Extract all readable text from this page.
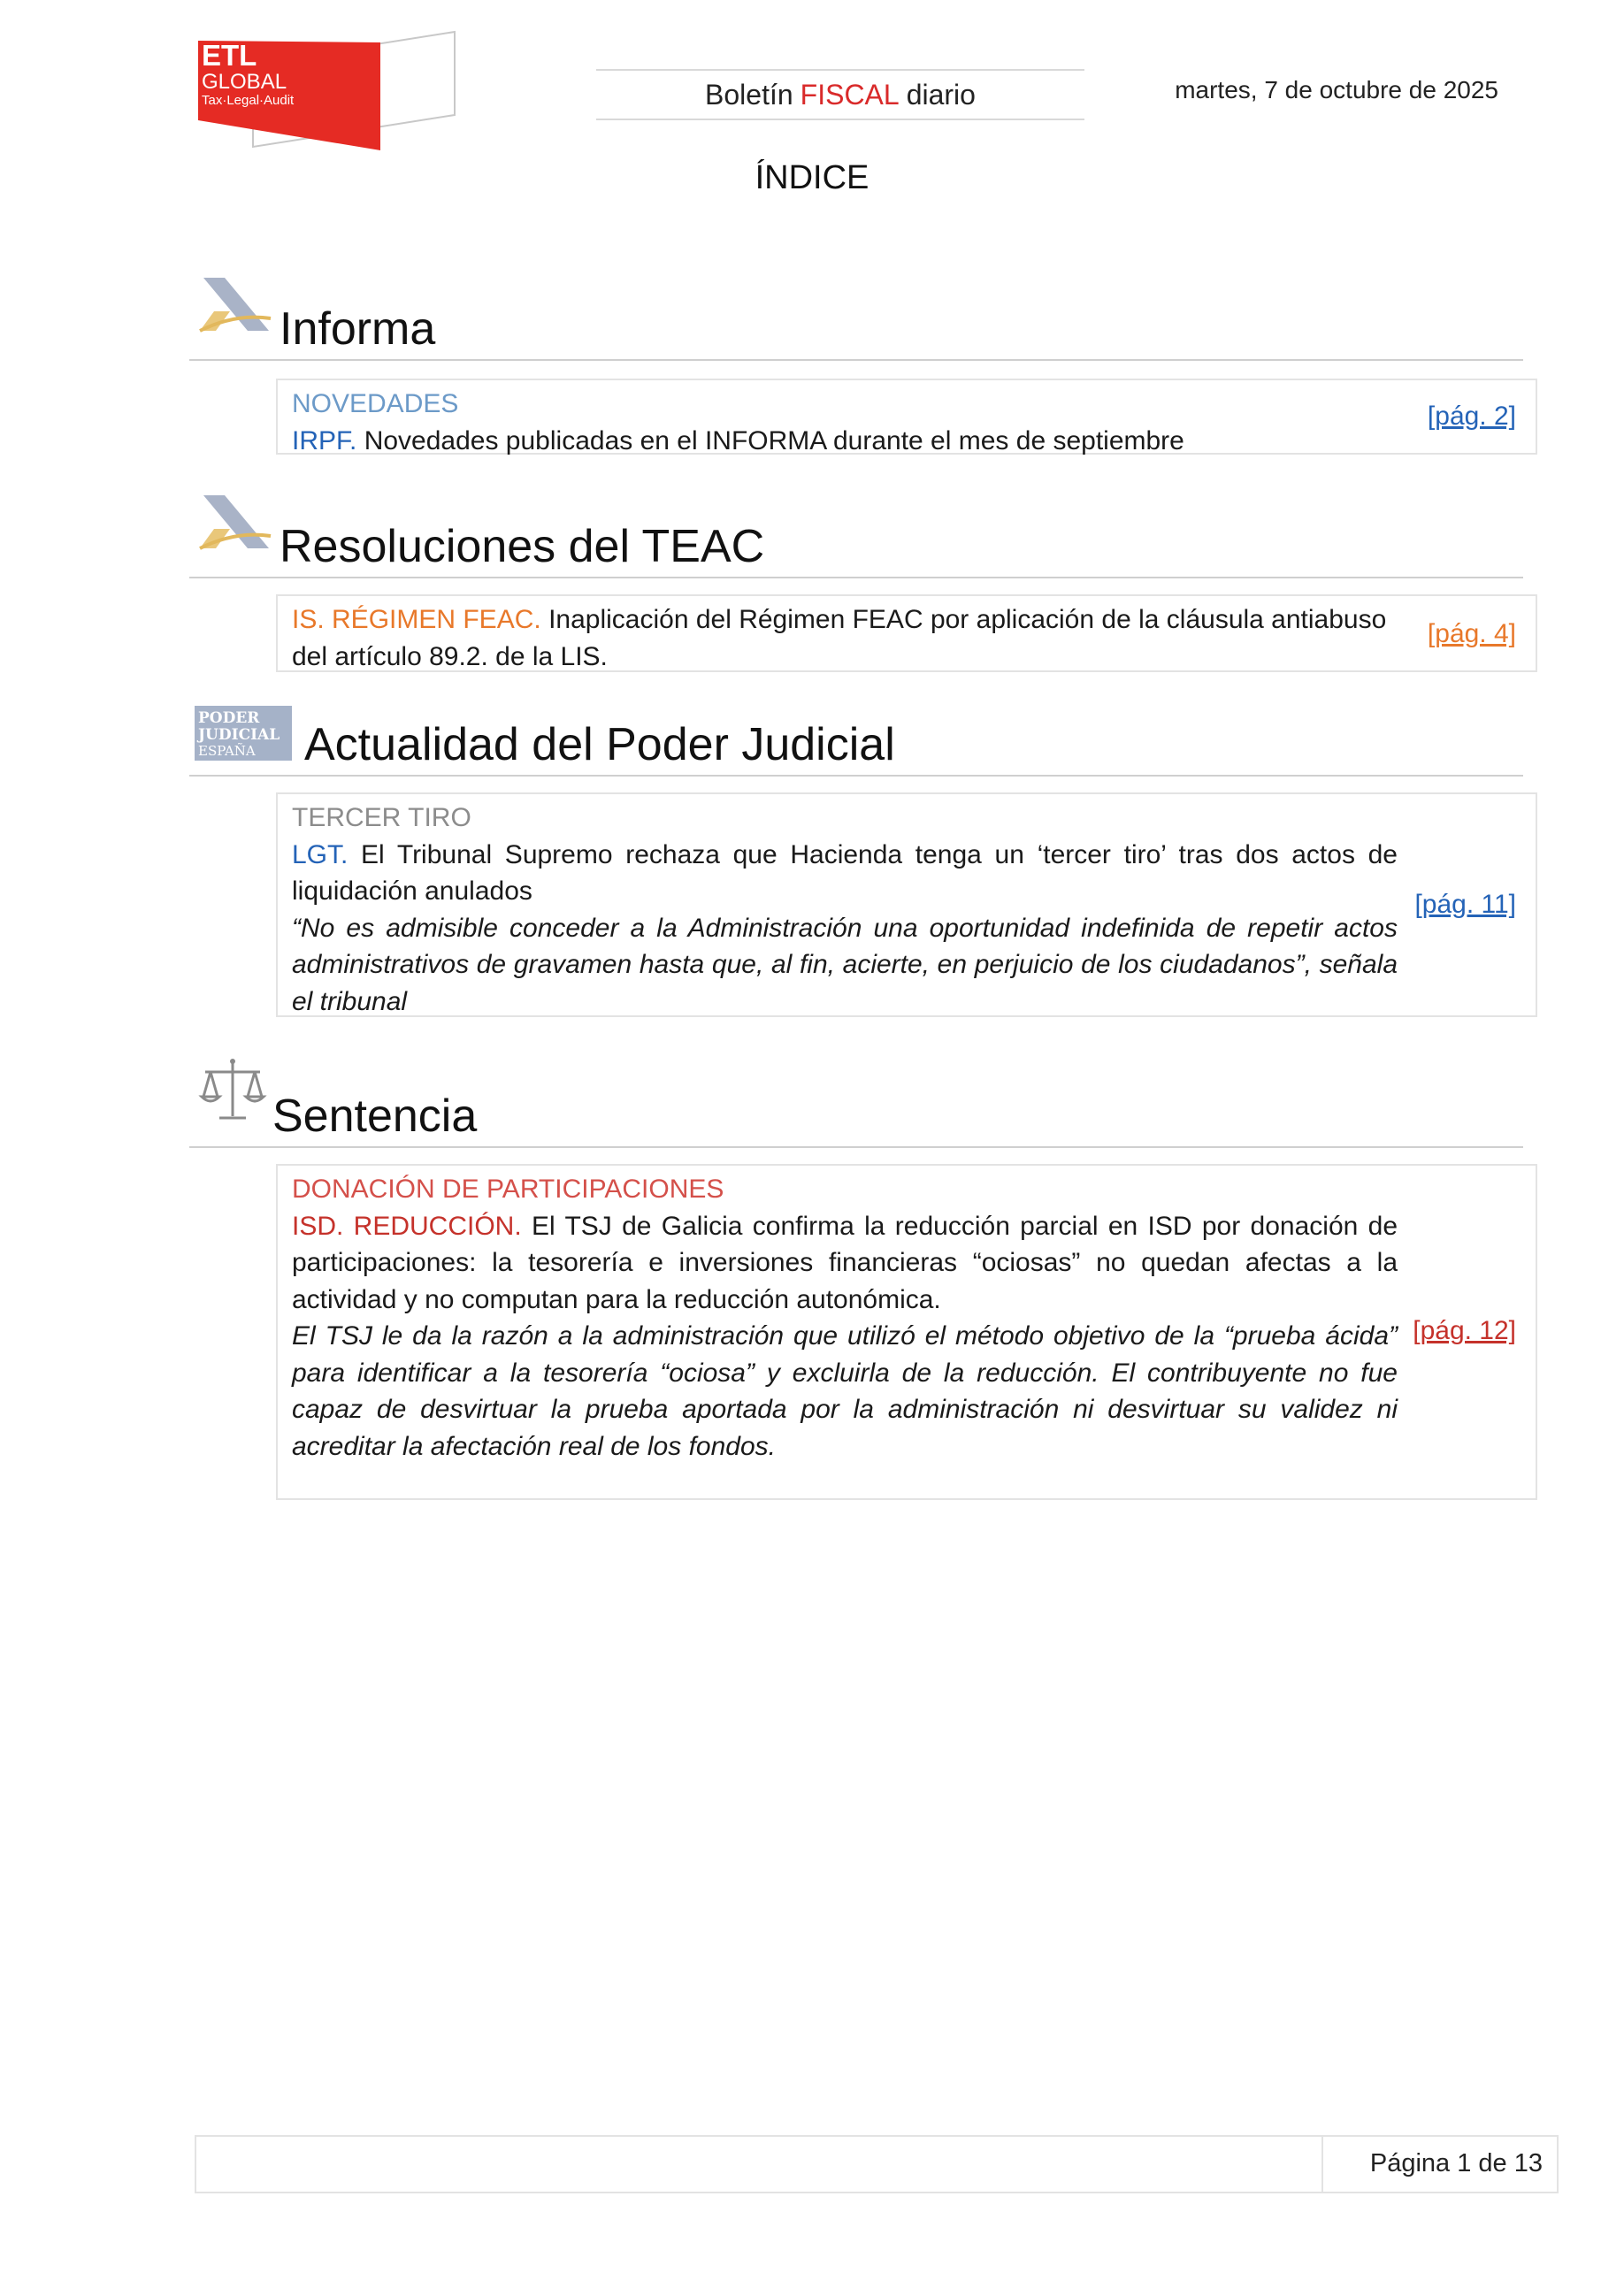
ETL
GLOBAL
Tax·Legal·Audit	Boletín FISCAL diario	martes, 7 de octubre de 2025
ÍNDICE
Informa
NOVEDADES
IRPF. Novedades publicadas en el INFORMA durante el mes de septiembre
[pág. 2]
Resoluciones del TEAC
IS. RÉGIMEN FEAC. Inaplicación del Régimen FEAC por aplicación de la cláusula antiabuso
del artículo 89.2. de la LIS.
[pág. 4]
PODER
JUDICIAL
ESPAÑA Actualidad del Poder Judicial
TERCER TIRO
LGT. El Tribunal Supremo rechaza que Hacienda tenga un ‘tercer tiro’ tras dos actos de liquidación anulados
“No es admisible conceder a la Administración una oportunidad indefinida de repetir actos administrativos de gravamen hasta que, al fin, acierte, en perjuicio de los ciudadanos”, señala el tribunal
[pág. 11]
Sentencia
DONACIÓN DE PARTICIPACIONES
ISD. REDUCCIÓN. El TSJ de Galicia confirma la reducción parcial en ISD por donación de participaciones: la tesorería e inversiones financieras “ociosas” no quedan afectas a la actividad y no computan para la reducción autonómica.
El TSJ le da la razón a la administración que utilizó el método objetivo de la “prueba ácida” para identificar a la tesorería “ociosa” y excluirla de la reducción. El contribuyente no fue capaz de desvirtuar la prueba aportada por la administración ni desvirtuar su validez ni acreditar la afectación real de los fondos.
[pág. 12]
Página 1 de 13
